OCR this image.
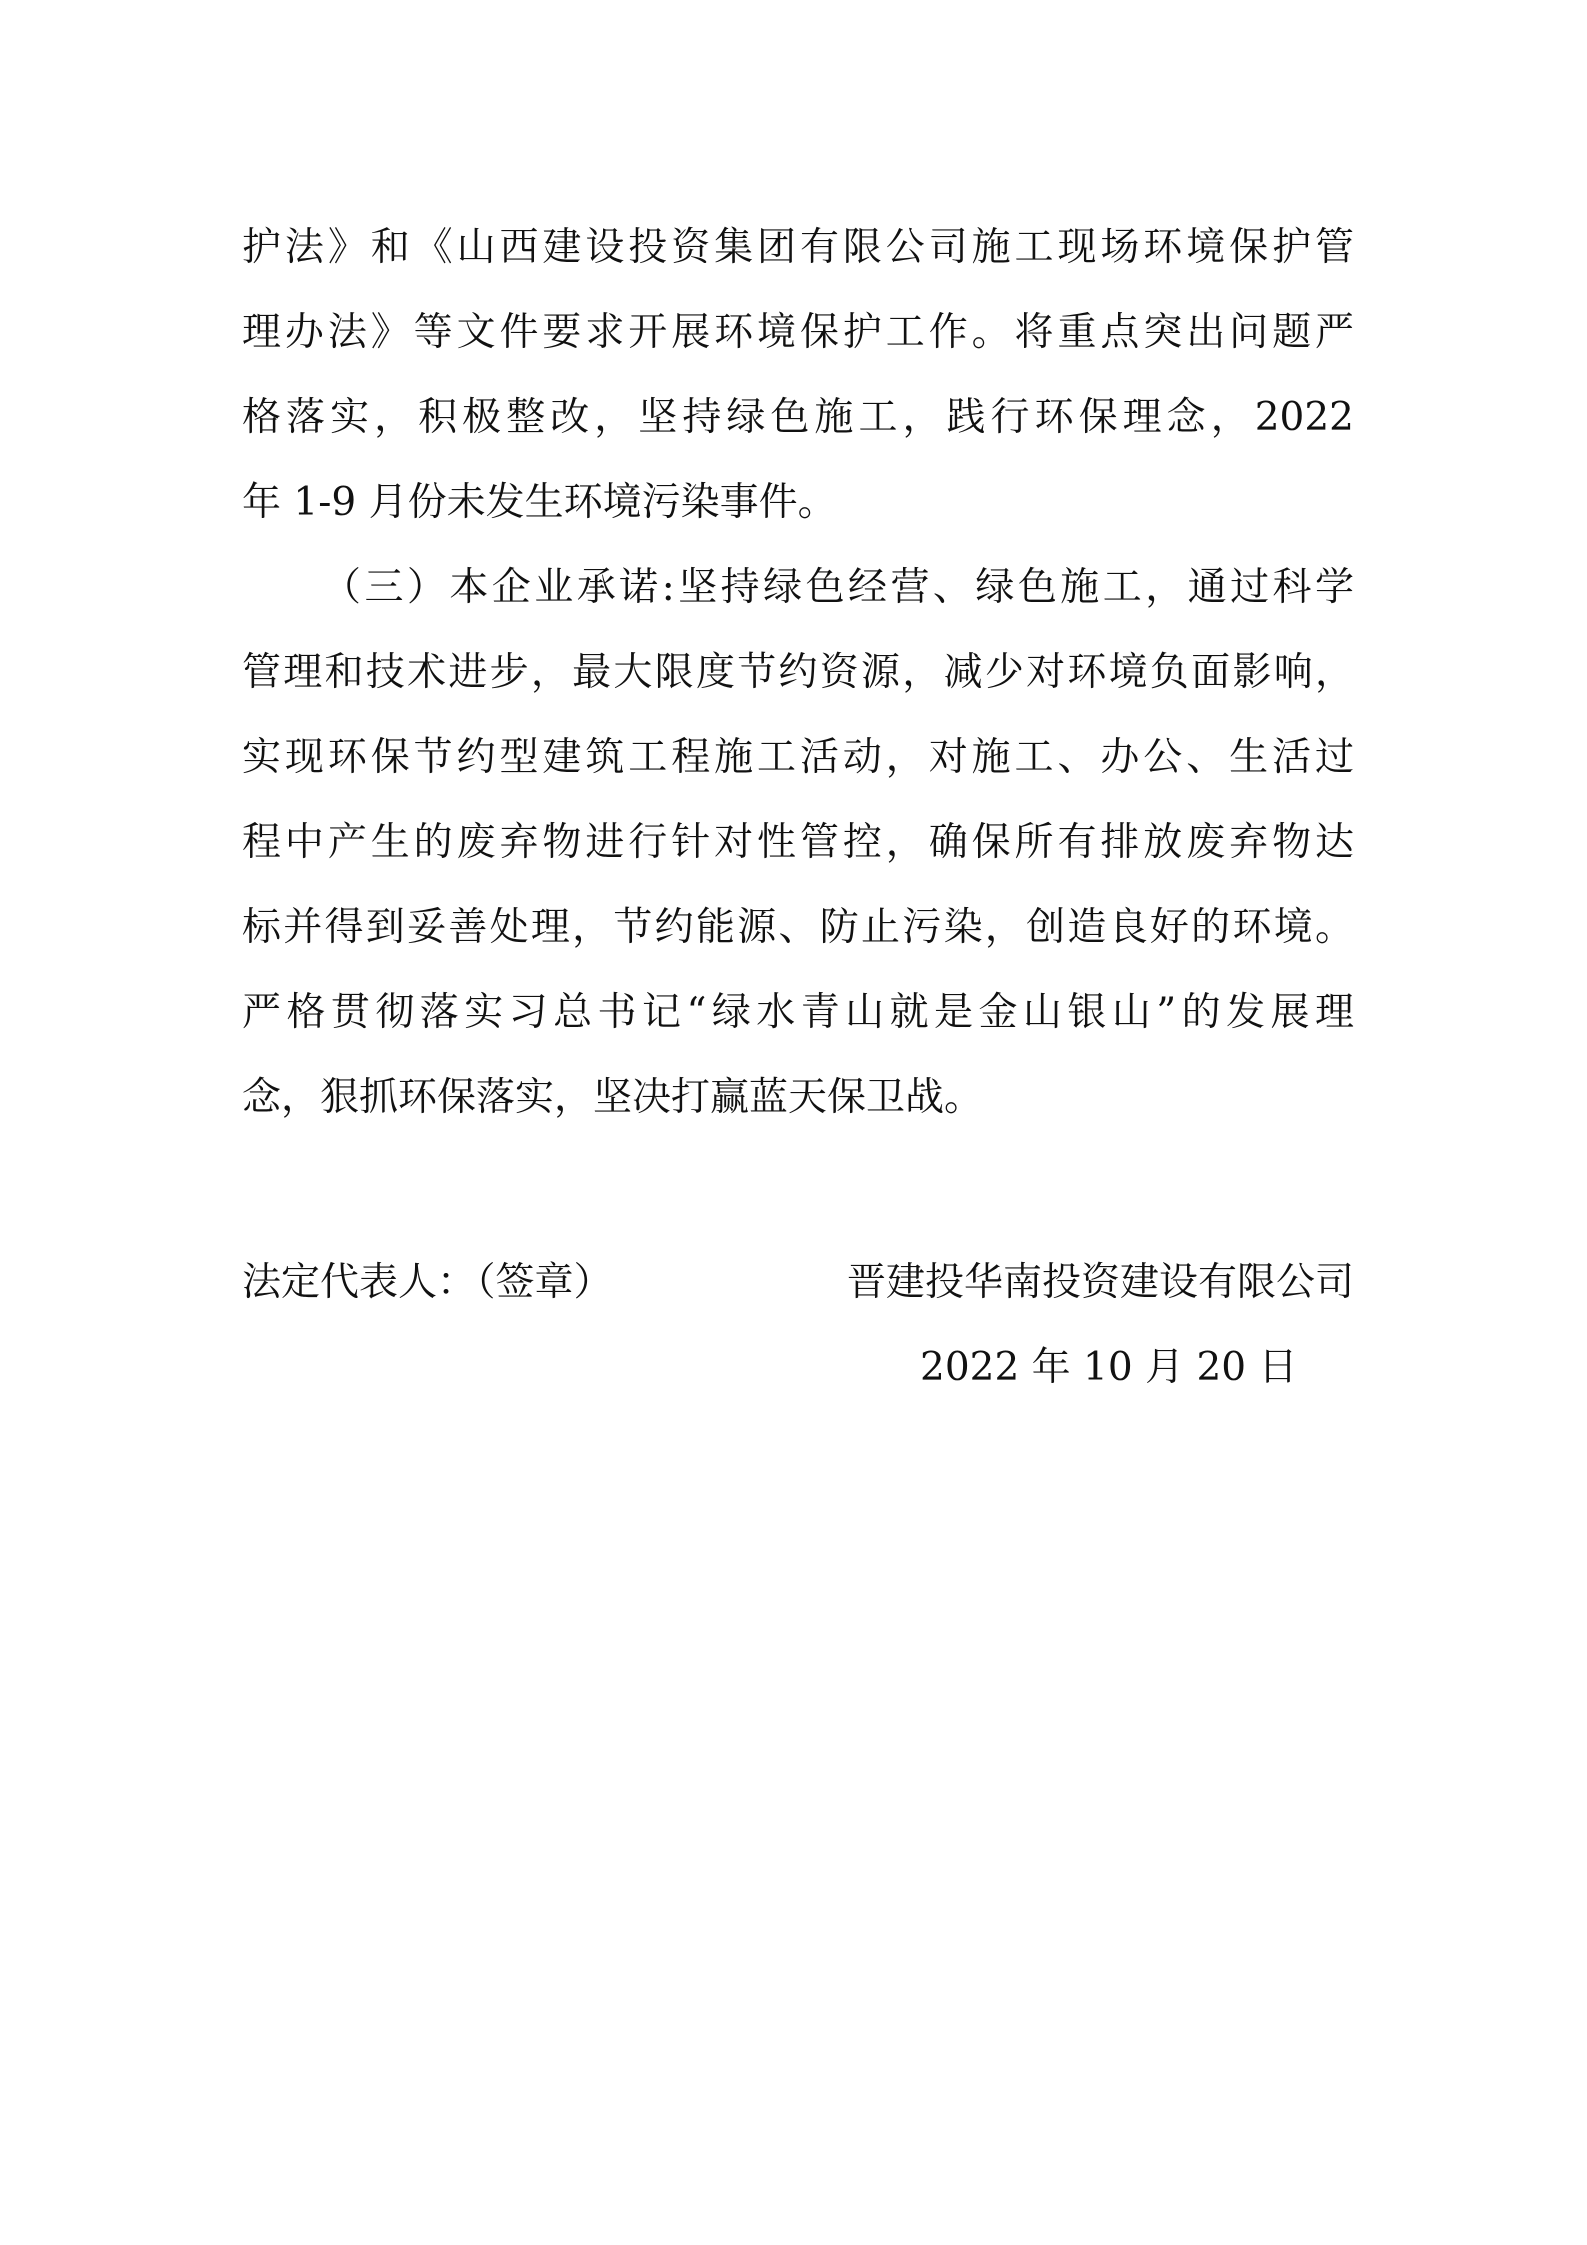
护法》和《山西建设投资集团有限公司施工现场环境保护管
理办法》等文件要求开展环境保护工作。将重点突出问题严
格落实，积极整改，坚持绿色施工，践行环保理念，2022
年 1-9 月份未发生环境污染事件。
（三）本企业承诺:坚持绿色经营、绿色施工，通过科学
管理和技术进步，最大限度节约资源，减少对环境负面影响，
实现环保节约型建筑工程施工活动，对施工、办公、生活过
程中产生的废弃物进行针对性管控，确保所有排放废弃物达
标并得到妥善处理，节约能源、防止污染，创造良好的环境。
严格贯彻落实习总书记“绿水青山就是金山银山”的发展理
念，狠抓环保落实，坚决打赢蓝天保卫战。
法定代表人：（签章）	晋建投华南投资建设有限公司
2022 年 10 月 20 日
